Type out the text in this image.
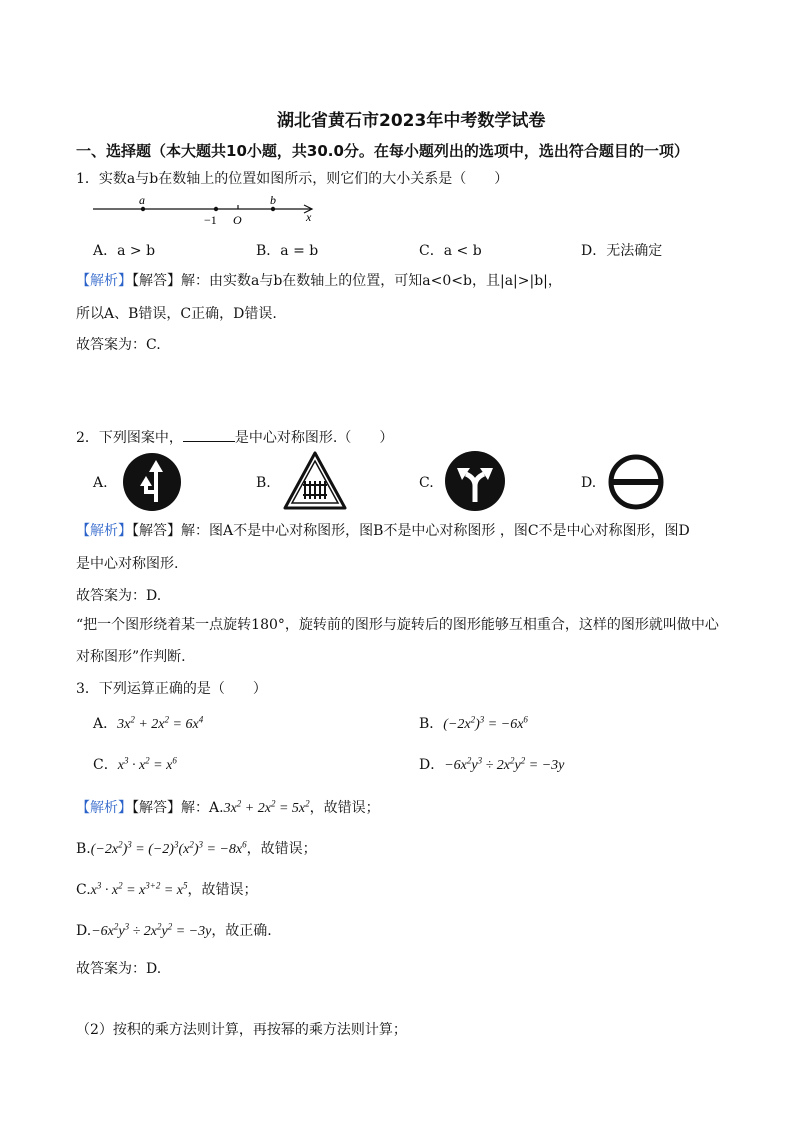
湖北省黄石市2023年中考数学试卷
一、选择题（本大题共10小题，共30.0分。在每小题列出的选项中，选出符合题目的一项）
1．实数a与b在数轴上的位置如图所示，则它们的大小关系是（　　）
a	b
−1 O	x
A．a > b	B．a = b	C．a < b	D．无法确定
【解析】【解答】解：由实数a与b在数轴上的位置，可知a<0<b，且|a|>|b|，
所以A、B错误，C正确，D错误.
故答案为：C.
2．下列图案中，	是中心对称图形.（　　）
A.	B.	C.	D.
【解析】【解答】解：图A不是中心对称图形，图B不是中心对称图形 ，图C不是中心对称图形，图D
是中心对称图形.
故答案为：D.
“把一个图形绕着某一点旋转180°，旋转前的图形与旋转后的图形能够互相重合，这样的图形就叫做中心
对称图形”作判断.
3．下列运算正确的是（　　）
A．$3x^2 + 2x^2 = 6x^4$	B．$(-2x^2)^3 = -6x^6$
C．$x^3 \cdot x^2 = x^6$	D．$-6x^2y^3 \div 2x^2y^2 = -3y$
【解析】【解答】解：$A.3x^2 + 2x^2 = 5x^2$，故错误；
$B.(-2x^2)^3 = (-2)^3(x^2)^3 = -8x^6$，故错误；
$C.x^3 \cdot x^2 = x^{3+2} = x^5$，故错误；
$D.-6x^2y^3 \div 2x^2y^2 = -3y$，故正确.
故答案为：D.
（2）按积的乘方法则计算，再按幂的乘方法则计算；
